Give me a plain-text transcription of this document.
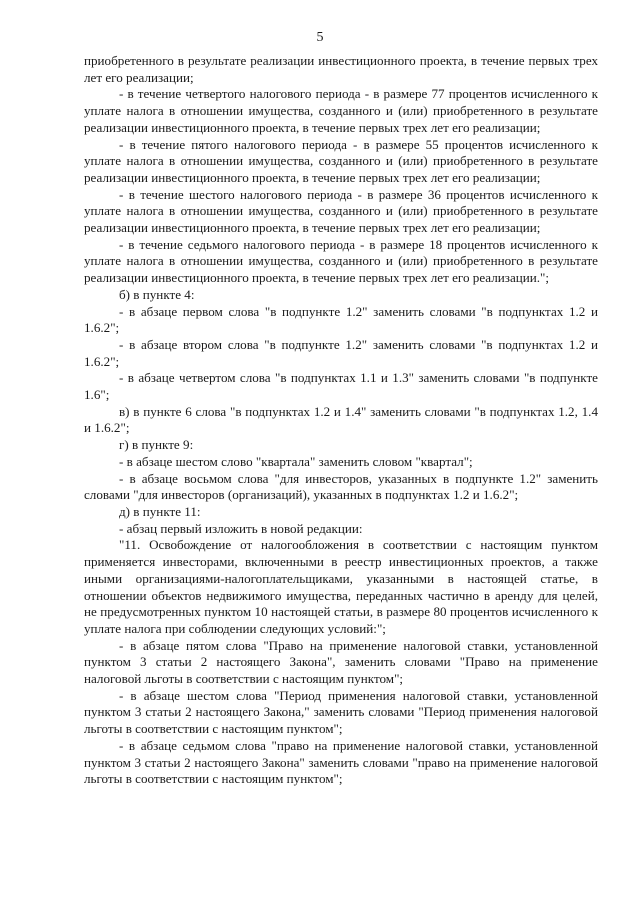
5

приобретенного в результате реализации инвестиционного проекта, в течение первых трех лет его реализации;

- в течение четвертого налогового периода - в размере 77 процентов исчисленного к уплате налога в отношении имущества, созданного и (или) приобретенного в результате реализации инвестиционного проекта, в течение первых трех лет его реализации;

- в течение пятого налогового периода - в размере 55 процентов исчисленного к уплате налога в отношении имущества, созданного и (или) приобретенного в результате реализации инвестиционного проекта, в течение первых трех лет его реализации;

- в течение шестого налогового периода - в размере 36 процентов исчисленного к уплате налога в отношении имущества, созданного и (или) приобретенного в результате реализации инвестиционного проекта, в течение первых трех лет его реализации;

- в течение седьмого налогового периода - в размере 18 процентов исчисленного к уплате налога в отношении имущества, созданного и (или) приобретенного в результате реализации инвестиционного проекта, в течение первых трех лет его реализации.";

б) в пункте 4:

- в абзаце первом слова "в подпункте 1.2" заменить словами "в подпунктах 1.2 и 1.6.2";

- в абзаце втором слова "в подпункте 1.2" заменить словами "в подпунктах 1.2 и 1.6.2";

- в абзаце четвертом слова "в подпунктах 1.1 и 1.3" заменить словами "в подпункте 1.6";

в) в пункте 6 слова "в подпунктах 1.2 и 1.4" заменить словами "в подпунктах 1.2, 1.4 и 1.6.2";

г) в пункте 9:

- в абзаце шестом слово "квартала" заменить словом "квартал";

- в абзаце восьмом слова "для инвесторов, указанных в подпункте 1.2" заменить словами "для инвесторов (организаций), указанных в подпунктах 1.2 и 1.6.2";

д) в пункте 11:

- абзац первый изложить в новой редакции:

"11. Освобождение от налогообложения в соответствии с настоящим пунктом применяется инвесторами, включенными в реестр инвестиционных проектов, а также иными организациями-налогоплательщиками, указанными в настоящей статье, в отношении объектов недвижимого имущества, переданных частично в аренду для целей, не предусмотренных пунктом 10 настоящей статьи, в размере 80 процентов исчисленного к уплате налога при соблюдении следующих условий:";

- в абзаце пятом слова "Право на применение налоговой ставки, установленной пунктом 3 статьи 2 настоящего Закона", заменить словами "Право на применение налоговой льготы в соответствии с настоящим пунктом";

- в абзаце шестом слова "Период применения налоговой ставки, установленной пунктом 3 статьи 2 настоящего Закона," заменить словами "Период применения налоговой льготы в соответствии с настоящим пунктом";

- в абзаце седьмом слова "право на применение налоговой ставки, установленной пунктом 3 статьи 2 настоящего Закона" заменить словами "право на применение налоговой льготы в соответствии с настоящим пунктом";
